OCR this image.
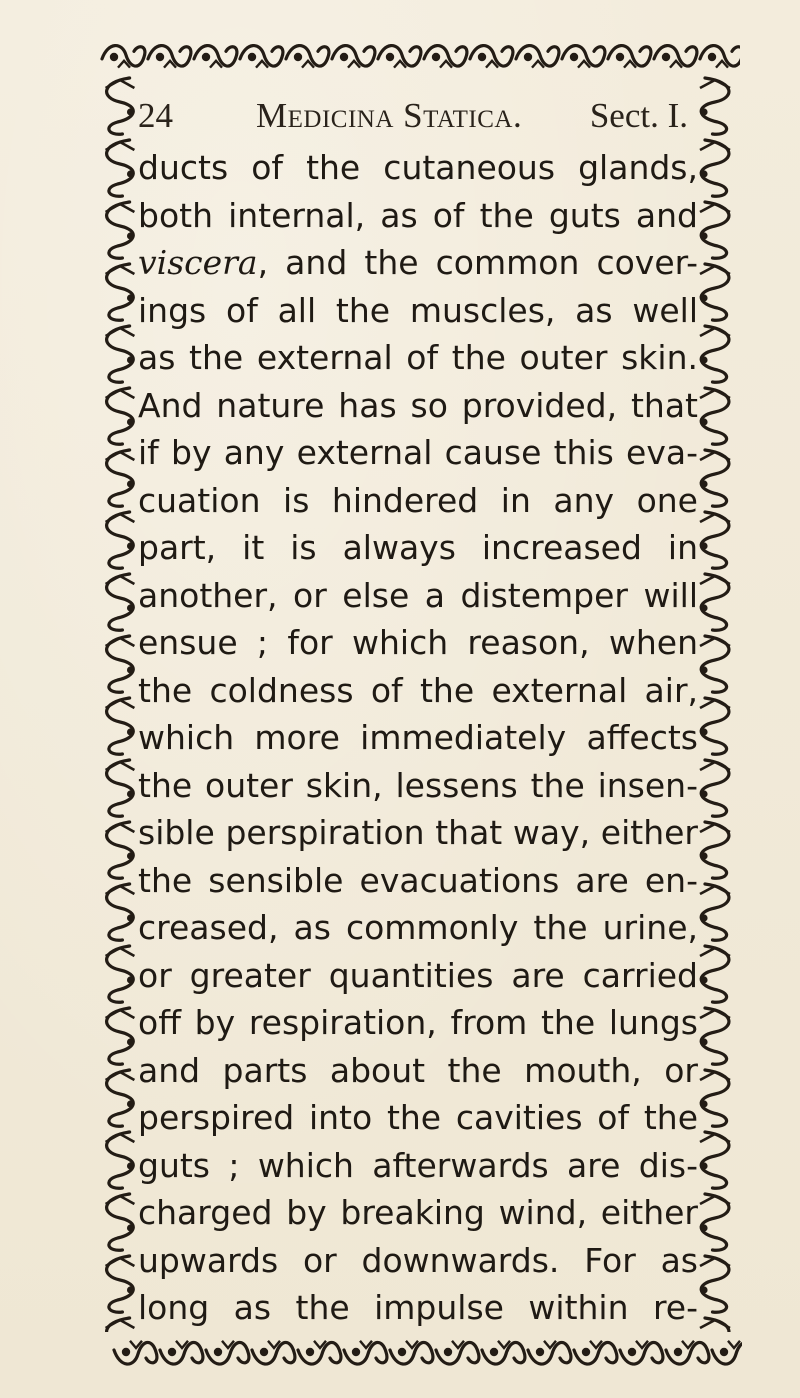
24 Medicina Statica. Sect. I.
ducts of the cutaneous glands,
both internal, as of the guts and
viscera, and the common cover-
ings of all the muscles, as well
as the external of the outer skin.
And nature has so provided, that
if by any external cause this eva-
cuation is hindered in any one
part, it is always increased in
another, or else a distemper will
ensue ; for which reason, when
the coldness of the external air,
which more immediately affects
the outer skin, lessens the insen-
sible perspiration that way, either
the sensible evacuations are en-
creased, as commonly the urine,
or greater quantities are carried
off by respiration, from the lungs
and parts about the mouth, or
perspired into the cavities of the
guts ; which afterwards are dis-
charged by breaking wind, either
upwards or downwards. For as
long as the impulse within re-
